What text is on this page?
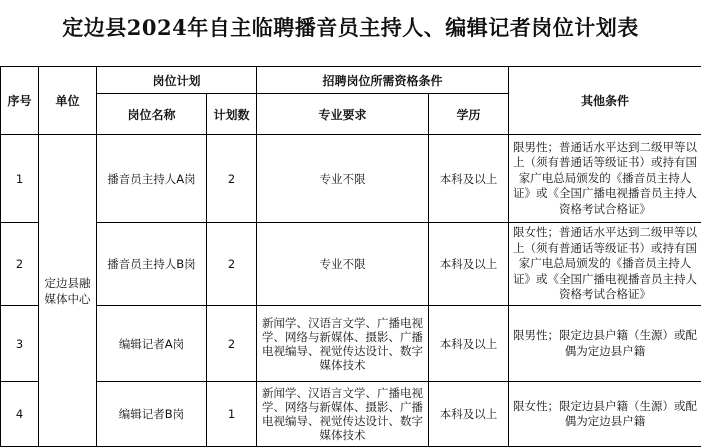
定边县2024年自主临聘播音员主持人、编辑记者岗位计划表
序号	单位	岗位计划		招聘岗位所需资格条件		其他条件
		岗位名称	计划数	专业要求	学历	
1	定边县融媒体中心	播音员主持人A岗	2	专业不限	本科及以上	限男性；普通话水平达到二级甲等以上（须有普通话等级证书）或持有国家广电总局颁发的《播音员主持人证》或《全国广播电视播音员主持人资格考试合格证》
2		播音员主持人B岗	2	专业不限	本科及以上	限女性；普通话水平达到二级甲等以上（须有普通话等级证书）或持有国家广电总局颁发的《播音员主持人证》或《全国广播电视播音员主持人资格考试合格证》
3		编辑记者A岗	2	新闻学、汉语言文学、广播电视学、网络与新媒体、摄影、广播电视编导、视觉传达设计、数字媒体技术	本科及以上	限男性；限定边县户籍（生源）或配偶为定边县户籍
4		编辑记者B岗	1	新闻学、汉语言文学、广播电视学、网络与新媒体、摄影、广播电视编导、视觉传达设计、数字媒体技术	本科及以上	限女性；限定边县户籍（生源）或配偶为定边县户籍
